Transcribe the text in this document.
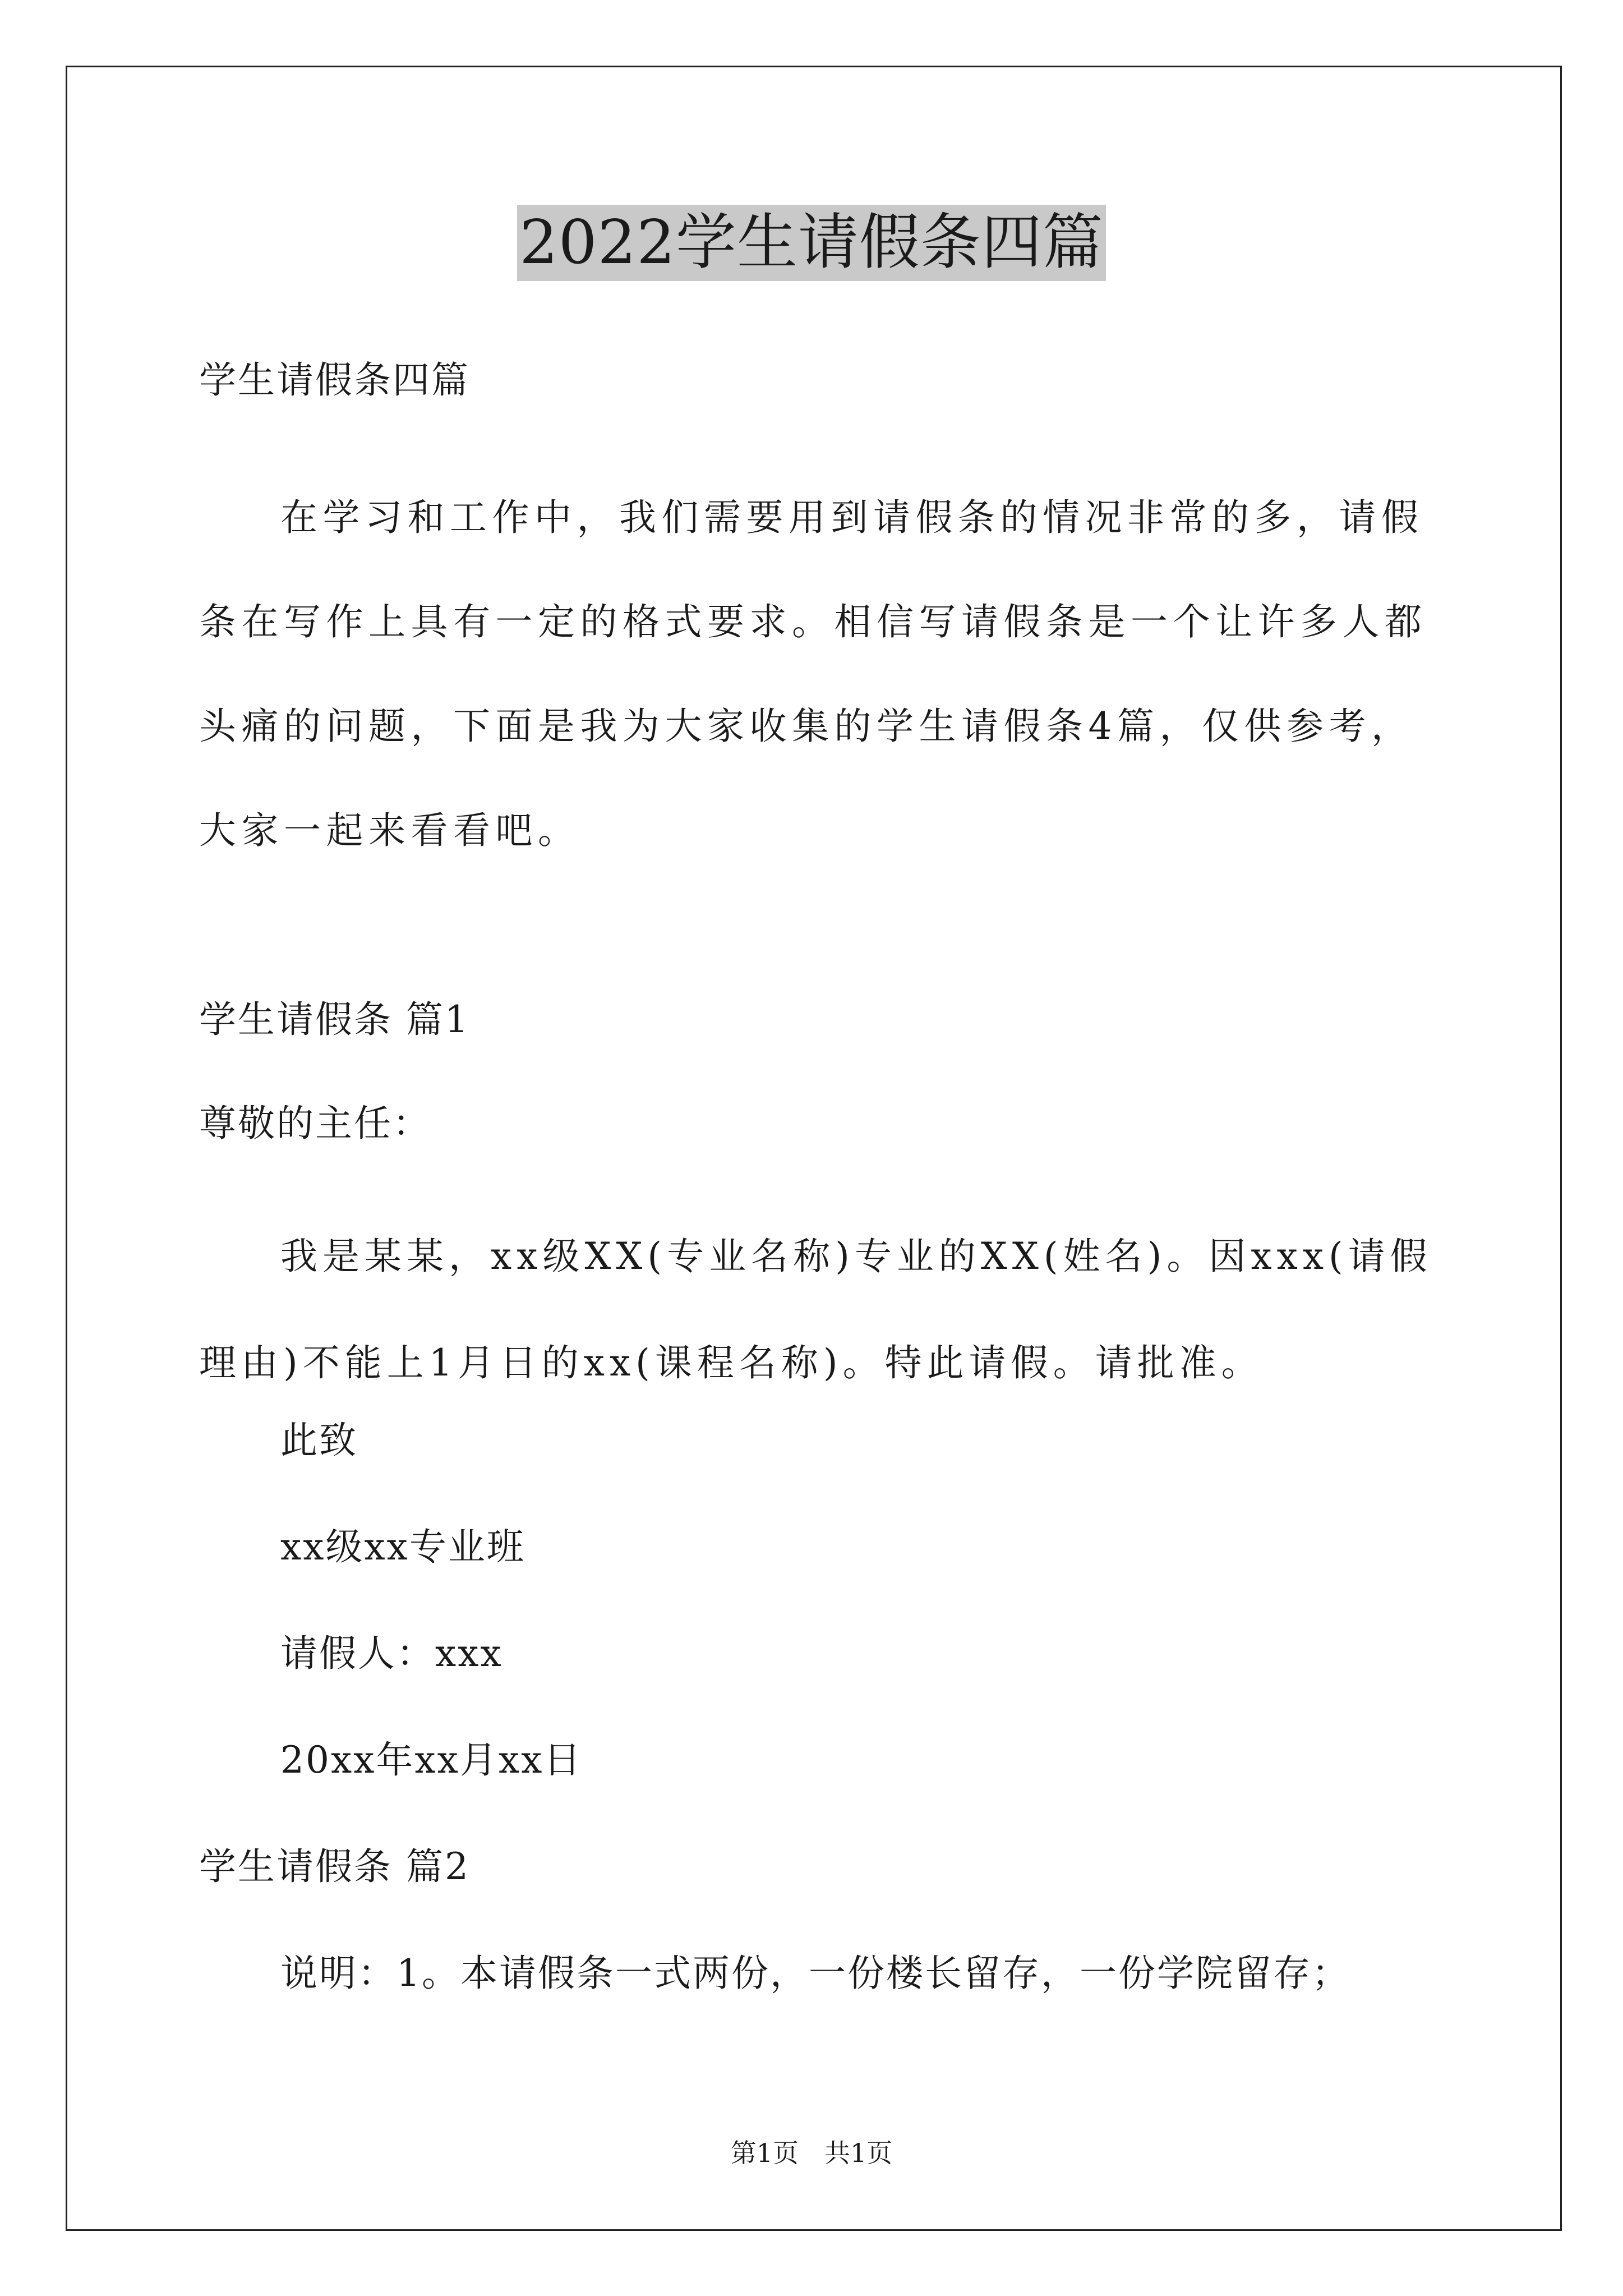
2022学生请假条四篇
学生请假条四篇
在学习和工作中，我们需要用到请假条的情况非常的多，请假条在写作上具有一定的格式要求。相信写请假条是一个让许多人都头痛的问题，下面是我为大家收集的学生请假条4篇，仅供参考，大家一起来看看吧。
学生请假条 篇1
尊敬的主任：
我是某某，xx级XX(专业名称)专业的XX(姓名)。因xxx(请假理由)不能上1月日的xx(课程名称)。特此请假。请批准。
此致
xx级xx专业班
请假人：xxx
20xx年xx月xx日
学生请假条 篇2
说明：1。本请假条一式两份，一份楼长留存，一份学院留存；
第1页　共1页
